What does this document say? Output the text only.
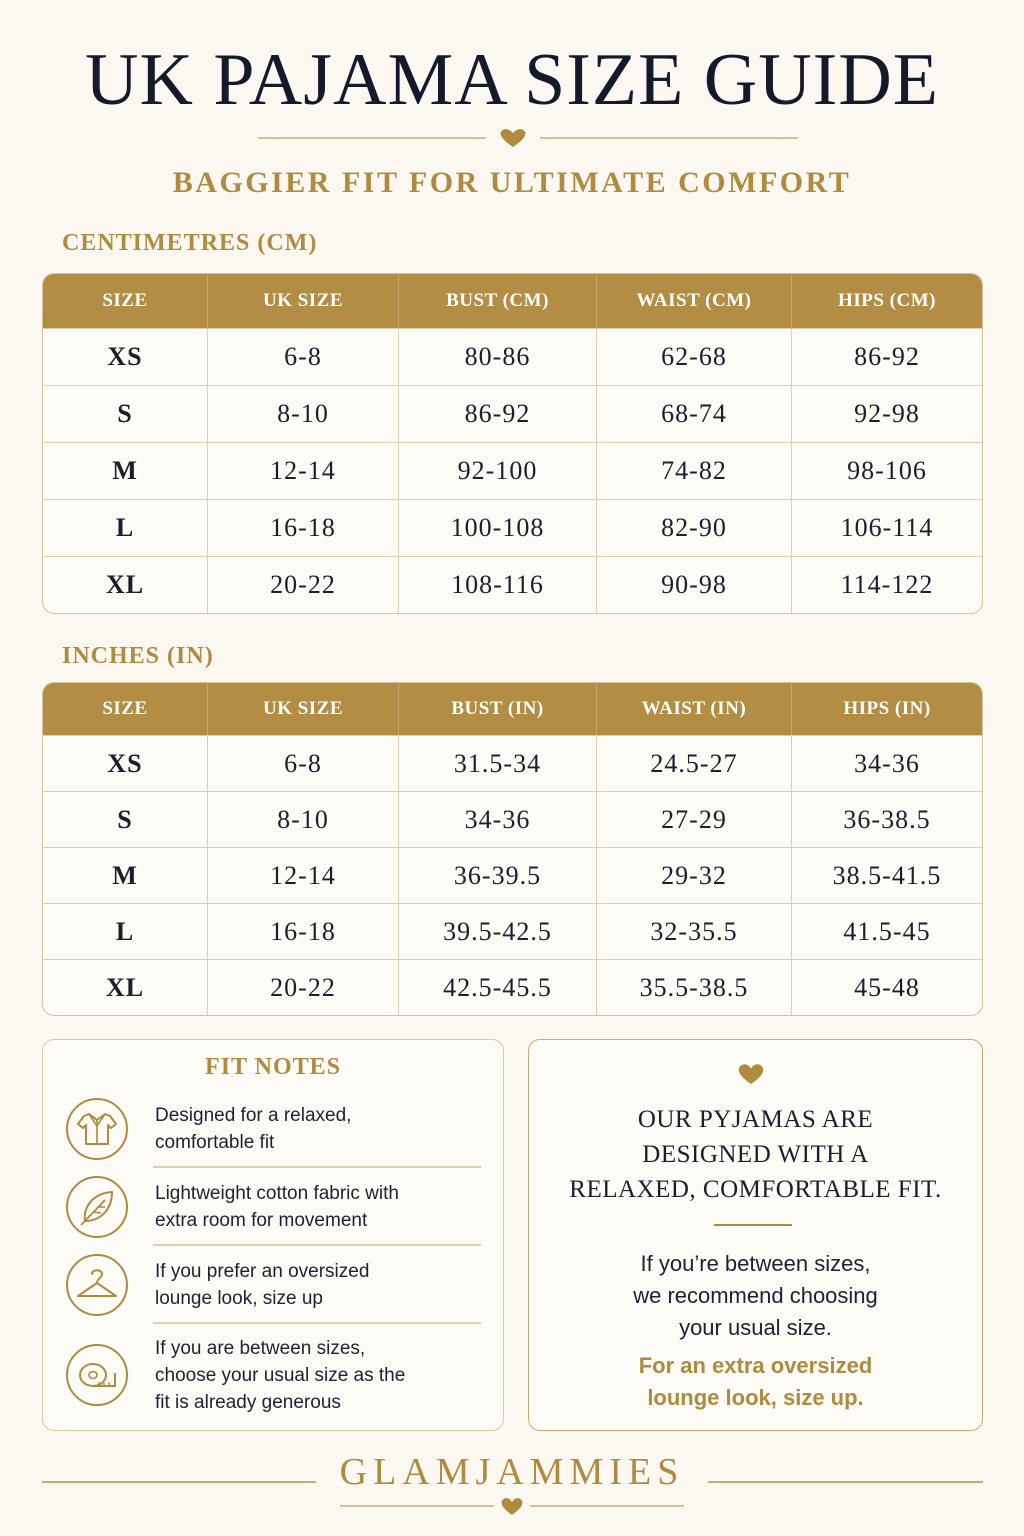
UK PAJAMA SIZE GUIDE
BAGGIER FIT FOR ULTIMATE COMFORT
CENTIMETRES (CM)
SIZE	UK SIZE	BUST (CM)	WAIST (CM)	HIPS (CM)
XS	6-8	80-86	62-68	86-92
S	8-10	86-92	68-74	92-98
M	12-14	92-100	74-82	98-106
L	16-18	100-108	82-90	106-114
XL	20-22	108-116	90-98	114-122
INCHES (IN)
SIZE	UK SIZE	BUST (IN)	WAIST (IN)	HIPS (IN)
XS	6-8	31.5-34	24.5-27	34-36
S	8-10	34-36	27-29	36-38.5
M	12-14	36-39.5	29-32	38.5-41.5
L	16-18	39.5-42.5	32-35.5	41.5-45
XL	20-22	42.5-45.5	35.5-38.5	45-48
FIT NOTES
Designed for a relaxed,
comfortable fit
Lightweight cotton fabric with
extra room for movement
If you prefer an oversized
lounge look, size up
If you are between sizes,
choose your usual size as the
fit is already generous
OUR PYJAMAS ARE
DESIGNED WITH A
RELAXED, COMFORTABLE FIT.
If you’re between sizes,
we recommend choosing
your usual size.
For an extra oversized
lounge look, size up.
GLAMJAMMIES
